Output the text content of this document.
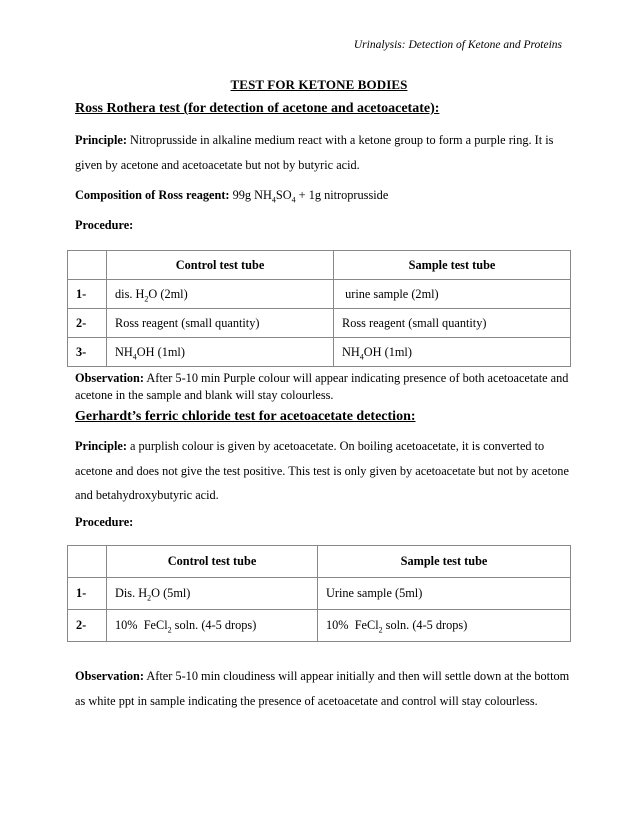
Urinalysis: Detection of Ketone and Proteins
TEST FOR KETONE BODIES
Ross Rothera test (for detection of acetone and acetoacetate):

Principle: Nitroprusside in alkaline medium react with a ketone group to form a purple ring. It is given by acetone and acetoacetate but not by butyric acid.

Composition of Ross reagent: 99g $NH_4SO_4 + 1g$ nitroprusside

Procedure:

	Control test tube	Sample test tube
1-	dis. $H_2O$ (2ml)	urine sample (2ml)
2-	Ross reagent (small quantity)	Ross reagent (small quantity)
3-	$NH_4OH$ (1ml)	$NH_4OH$ (1ml)

Observation: After 5-10 min Purple colour will appear indicating presence of both acetoacetate and acetone in the sample and blank will stay colourless.

Gerhardt’s ferric chloride test for acetoacetate detection:

Principle: a purplish colour is given by acetoacetate. On boiling acetoacetate, it is converted to acetone and does not give the test positive. This test is only given by acetoacetate but not by acetone and betahydroxybutyric acid.

Procedure:

	Control test tube	Sample test tube
1-	Dis. $H_2O$ (5ml)	Urine sample (5ml)
2-	10%  FeCl$_2$ soln. (4-5 drops)	10%  FeCl$_2$ soln. (4-5 drops)

Observation: After 5-10 min cloudiness will appear initially and then will settle down at the bottom as white ppt in sample indicating the presence of acetoacetate and control will stay colourless.
